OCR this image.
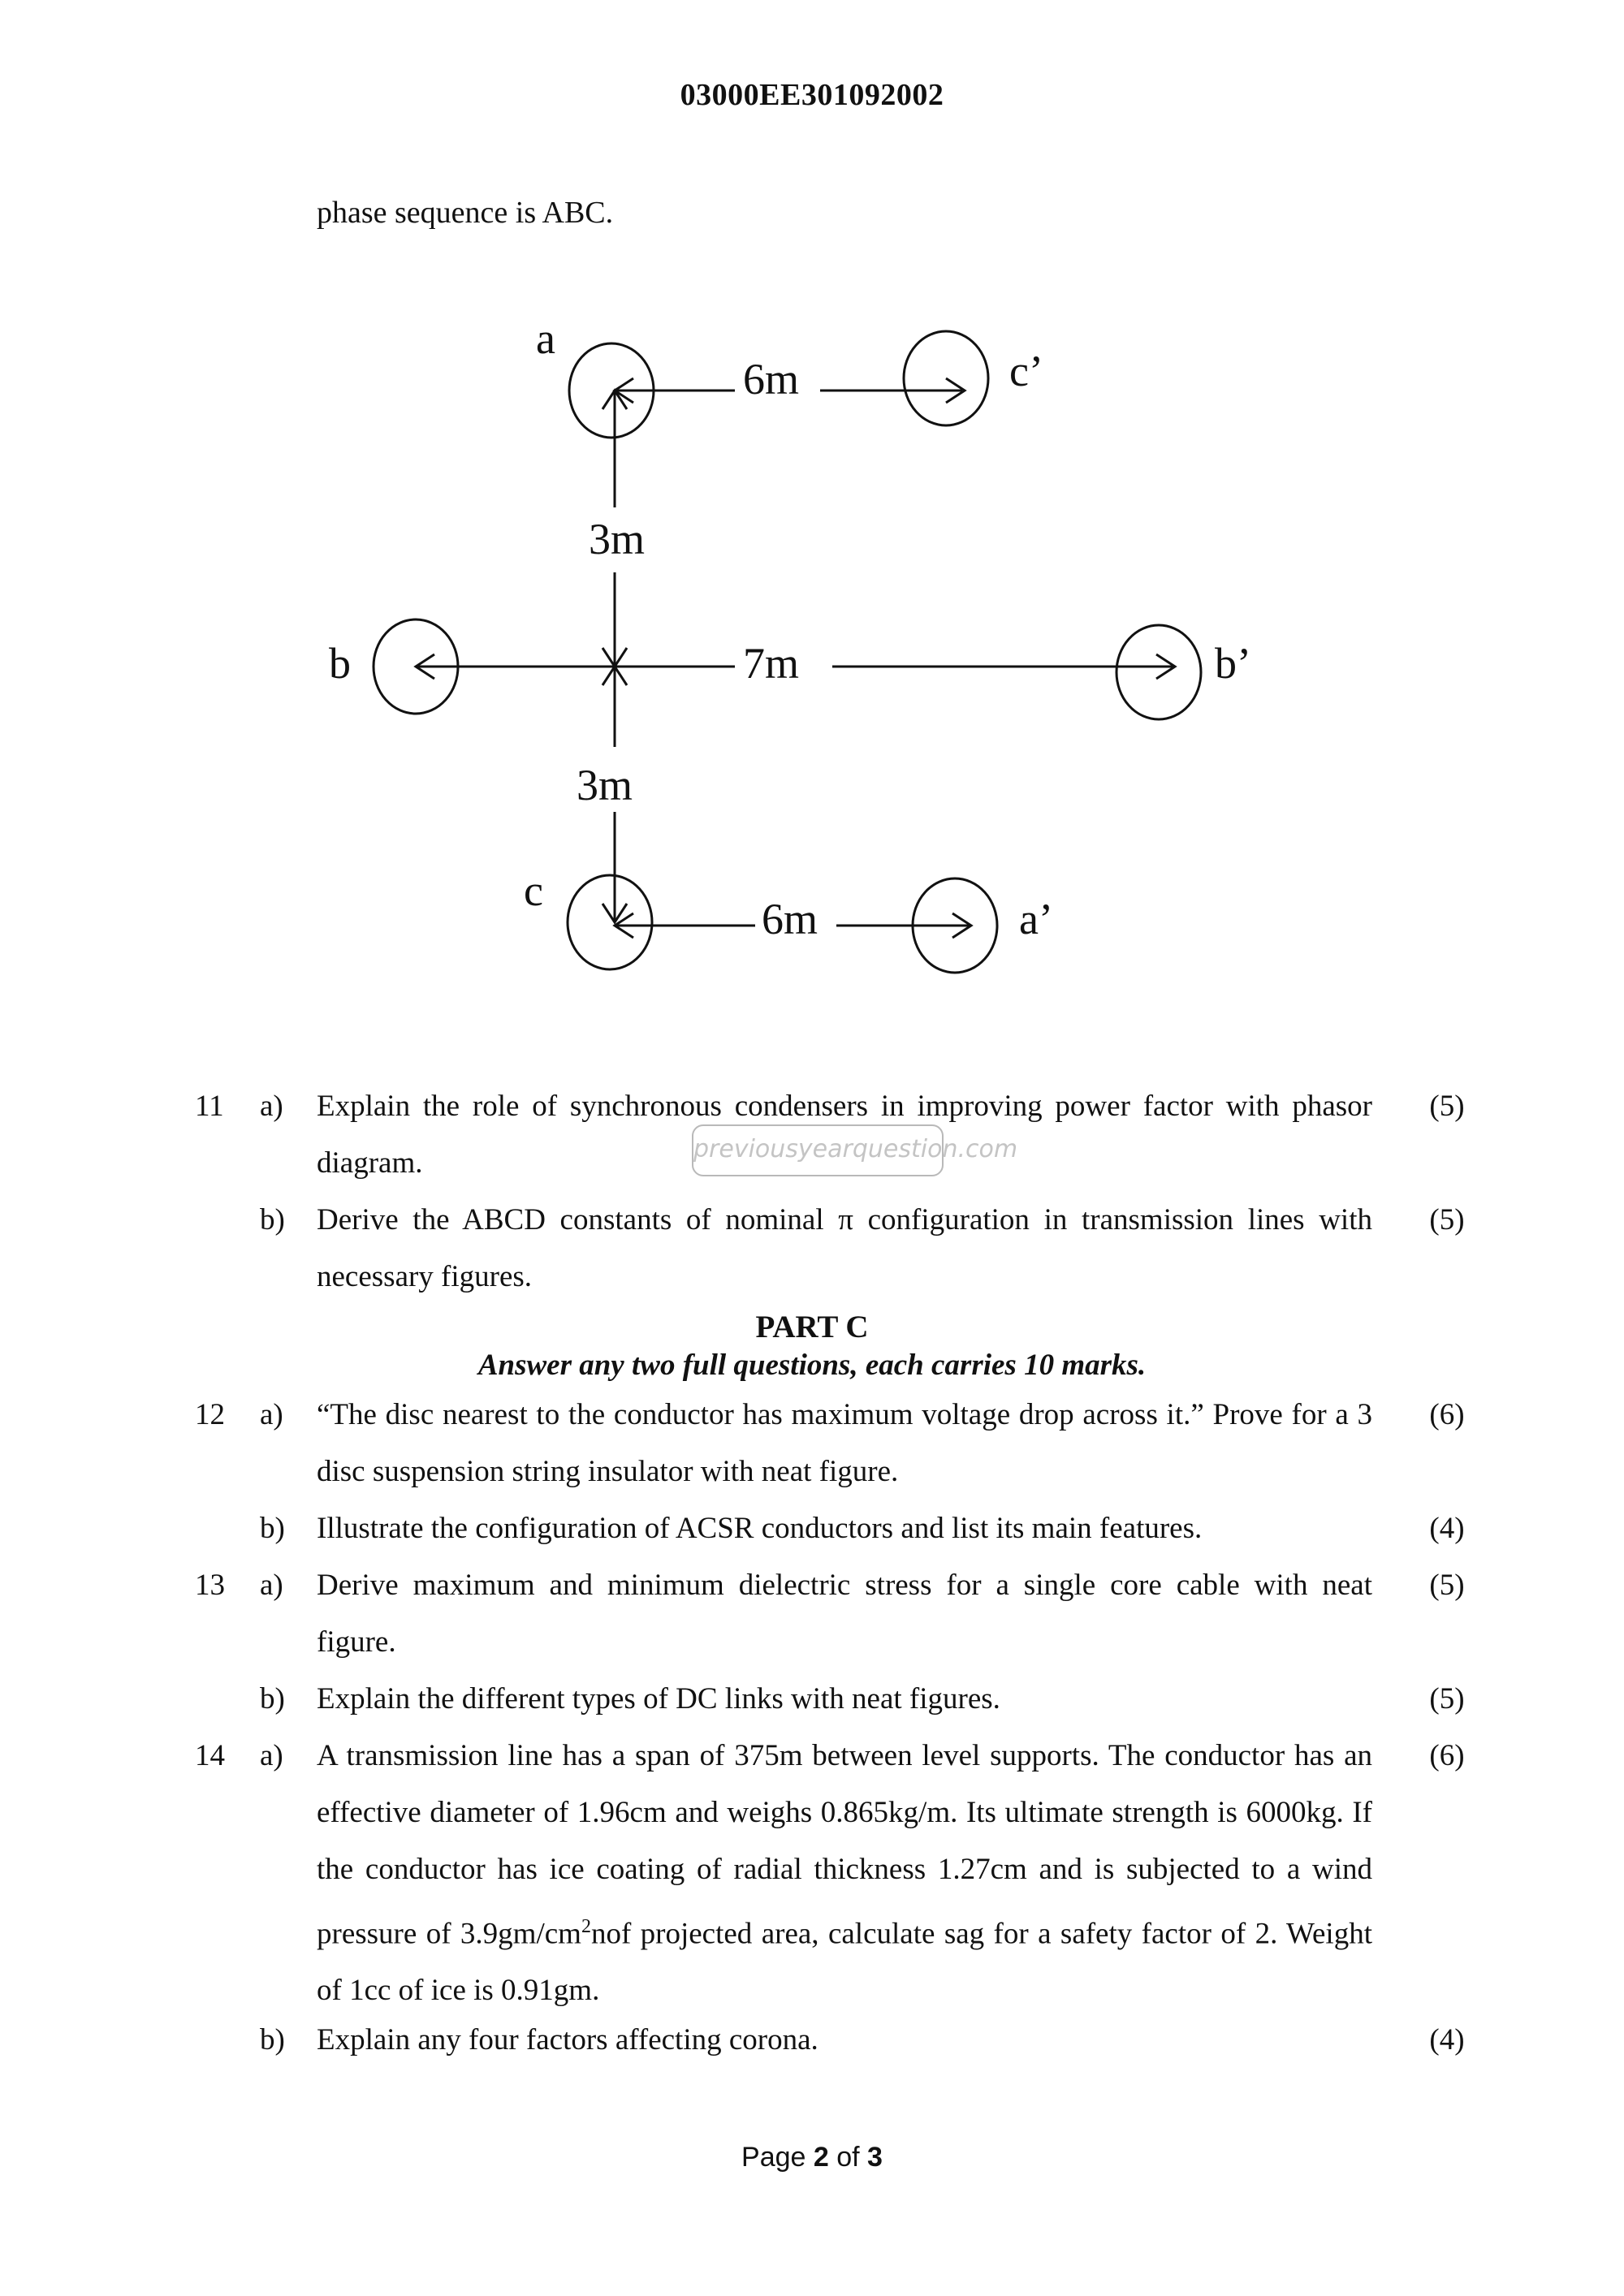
03000EE301092002
phase sequence is ABC.
a
c’
b	b’
c
a’
6m
3m
7m
3m
6m
11	a)	Explain the role of synchronous condensers in improving power factor with phasor diagram.
(5)
b) Derive the ABCD constants of nominal π configuration in transmission lines with necessary figures.
(5)
previousyearquestion.com
PART C
Answer any two full questions, each carries 10 marks.
12	a)	“The disc nearest to the conductor has maximum voltage drop across it.” Prove for a 3 disc suspension string insulator with neat figure.
(6)
b) Illustrate the configuration of ACSR conductors and list its main features.	(4)
13	a)	Derive maximum and minimum dielectric stress for a single core cable with neat figure.
(5)
b) Explain the different types of DC links with neat figures.	(5)
14	a)	A transmission line has a span of 375m between level supports. The conductor has an effective diameter of 1.96cm and weighs 0.865kg/m. Its ultimate strength is 6000kg. If the conductor has ice coating of radial thickness 1.27cm and is subjected to a wind pressure of $3.9gm/cm^2nof$ projected area, calculate sag for a safety factor of 2. Weight of 1cc of ice is 0.91gm.
(6)
b) Explain any four factors affecting corona.	(4)
Page 2 of 3
